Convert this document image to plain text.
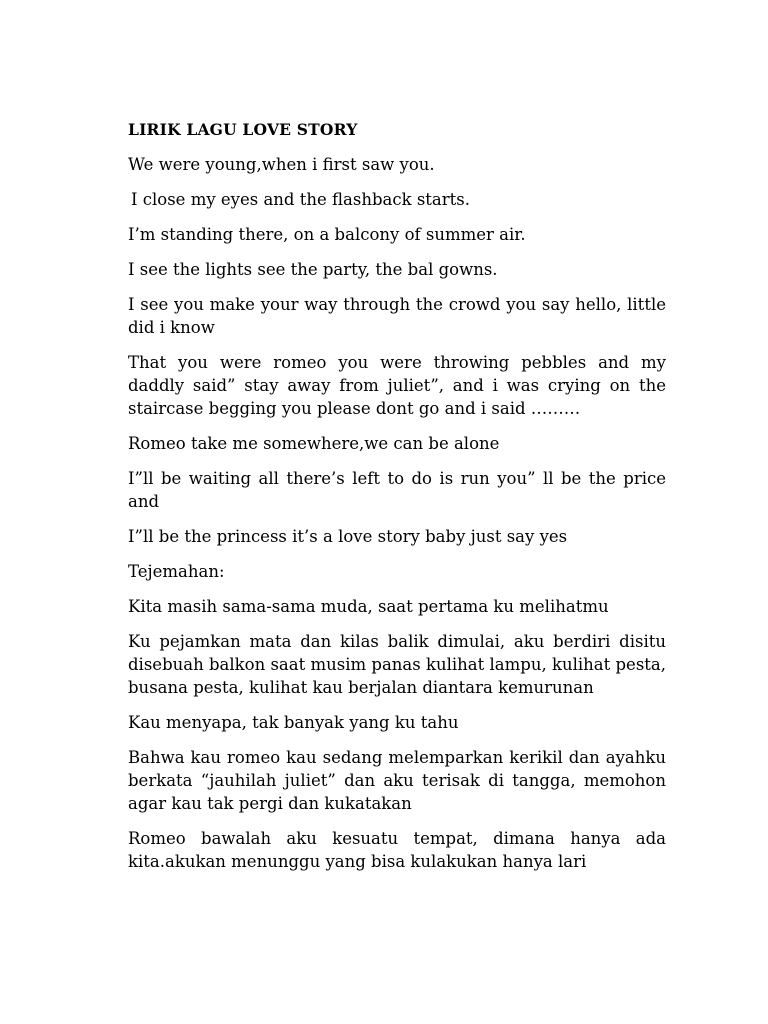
LIRIK LAGU LOVE STORY
We were young,when i first saw you.
I close my eyes and the flashback starts.
I’m standing there, on a balcony of summer air.
I see the lights see the party, the bal gowns.
I see you make your way through the crowd you say hello, little did i know
That you were romeo you were throwing pebbles and my daddly said” stay away from juliet”, and i was crying on the staircase begging you please dont go and i said ………
Romeo take me somewhere,we can be alone
I”ll be waiting all there’s left to do is run you” ll be the price and
I”ll be the princess it’s a love story baby just say yes
Tejemahan:
Kita masih sama-sama muda, saat pertama ku melihatmu
Ku pejamkan mata dan kilas balik dimulai, aku berdiri disitu disebuah balkon saat musim panas kulihat lampu, kulihat pesta, busana pesta, kulihat kau berjalan diantara kemurunan
Kau menyapa, tak banyak yang ku tahu
Bahwa kau romeo kau sedang melemparkan kerikil dan ayahku berkata “jauhilah juliet” dan aku terisak di tangga, memohon agar kau tak pergi dan kukatakan
Romeo bawalah aku kesuatu tempat, dimana hanya ada kita.akukan menunggu yang bisa kulakukan hanya lari
